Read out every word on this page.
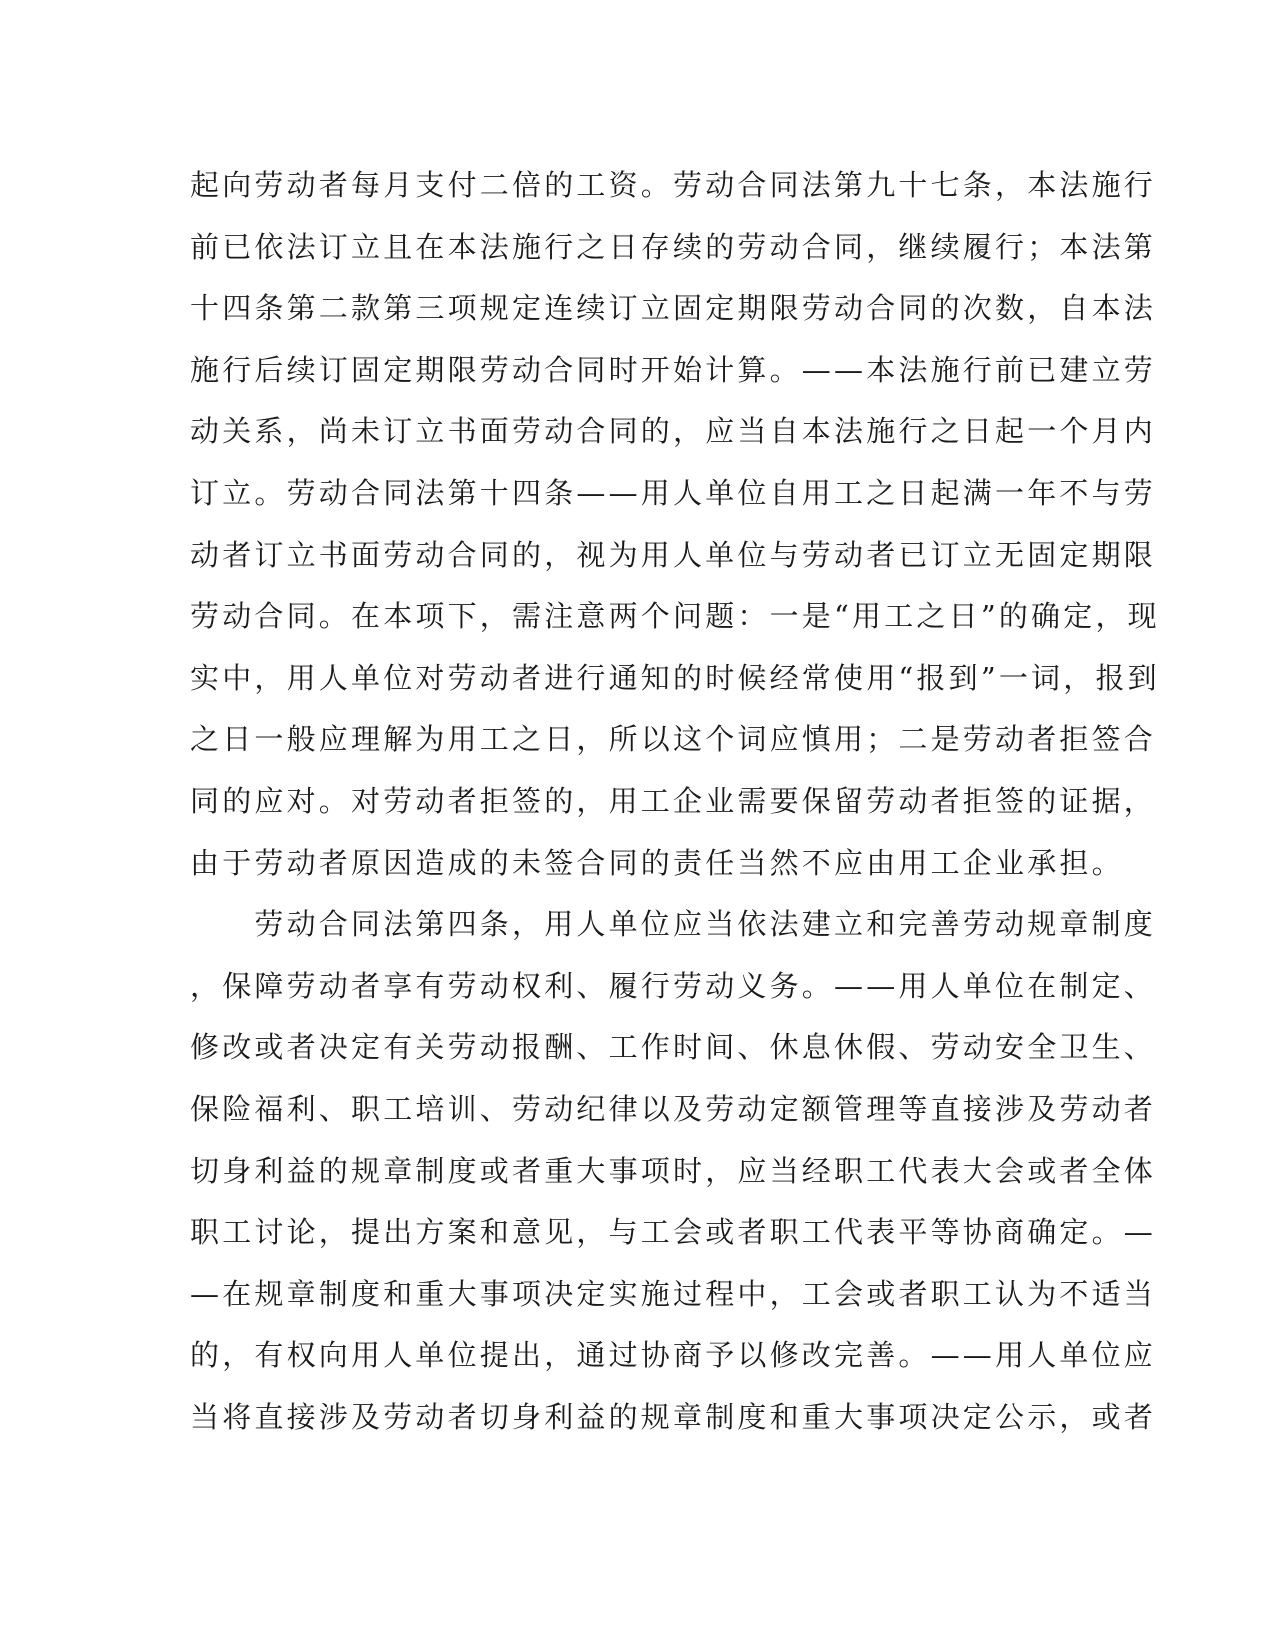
起向劳动者每月支付二倍的工资。劳动合同法第九十七条，本法施行
前已依法订立且在本法施行之日存续的劳动合同，继续履行；本法第
十四条第二款第三项规定连续订立固定期限劳动合同的次数，自本法
施行后续订固定期限劳动合同时开始计算。——本法施行前已建立劳
动关系，尚未订立书面劳动合同的，应当自本法施行之日起一个月内
订立。劳动合同法第十四条——用人单位自用工之日起满一年不与劳
动者订立书面劳动合同的，视为用人单位与劳动者已订立无固定期限
劳动合同。在本项下，需注意两个问题：一是“用工之日”的确定，现
实中，用人单位对劳动者进行通知的时候经常使用“报到”一词，报到
之日一般应理解为用工之日，所以这个词应慎用；二是劳动者拒签合
同的应对。对劳动者拒签的，用工企业需要保留劳动者拒签的证据，
由于劳动者原因造成的未签合同的责任当然不应由用工企业承担。
　　劳动合同法第四条，用人单位应当依法建立和完善劳动规章制度
，保障劳动者享有劳动权利、履行劳动义务。——用人单位在制定、
修改或者决定有关劳动报酬、工作时间、休息休假、劳动安全卫生、
保险福利、职工培训、劳动纪律以及劳动定额管理等直接涉及劳动者
切身利益的规章制度或者重大事项时，应当经职工代表大会或者全体
职工讨论，提出方案和意见，与工会或者职工代表平等协商确定。—
—在规章制度和重大事项决定实施过程中，工会或者职工认为不适当
的，有权向用人单位提出，通过协商予以修改完善。——用人单位应
当将直接涉及劳动者切身利益的规章制度和重大事项决定公示，或者
